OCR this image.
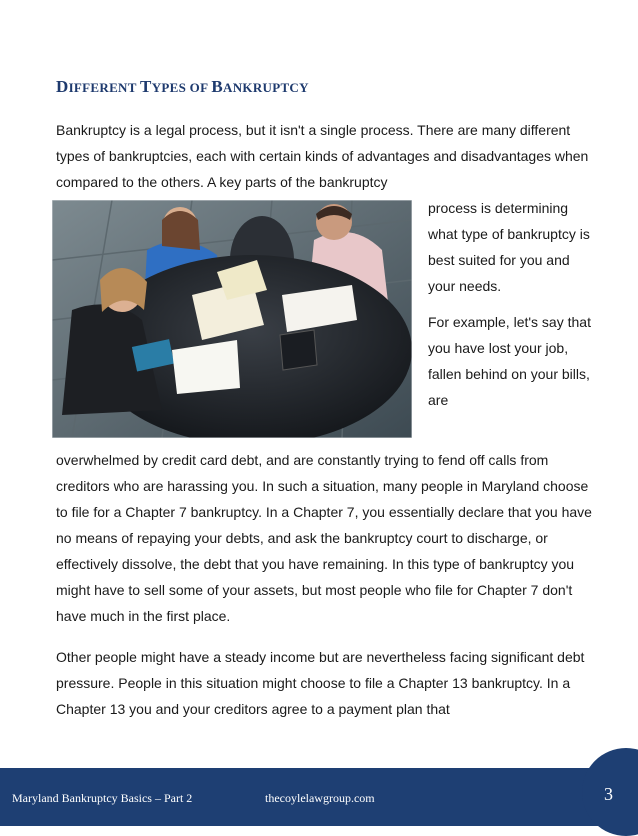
DIFFERENT TYPES OF BANKRUPTCY

Bankruptcy is a legal process, but it isn't a single process. There are many different types of bankruptcies, each with certain kinds of advantages and disadvantages when compared to the others. A key parts of the bankruptcy

process is determining what type of bankruptcy is best suited for you and your needs.

For example, let's say that you have lost your job, fallen behind on your bills, are

overwhelmed by credit card debt, and are constantly trying to fend off calls from creditors who are harassing you. In such a situation, many people in Maryland choose to file for a Chapter 7 bankruptcy. In a Chapter 7, you essentially declare that you have no means of repaying your debts, and ask the bankruptcy court to discharge, or effectively dissolve, the debt that you have remaining. In this type of bankruptcy you might have to sell some of your assets, but most people who file for Chapter 7 don't have much in the first place.

Other people might have a steady income but are nevertheless facing significant debt pressure. People in this situation might choose to file a Chapter 13 bankruptcy. In a Chapter 13 you and your creditors agree to a payment plan that

Maryland Bankruptcy Basics – Part 2	thecoylelawgroup.com	3
